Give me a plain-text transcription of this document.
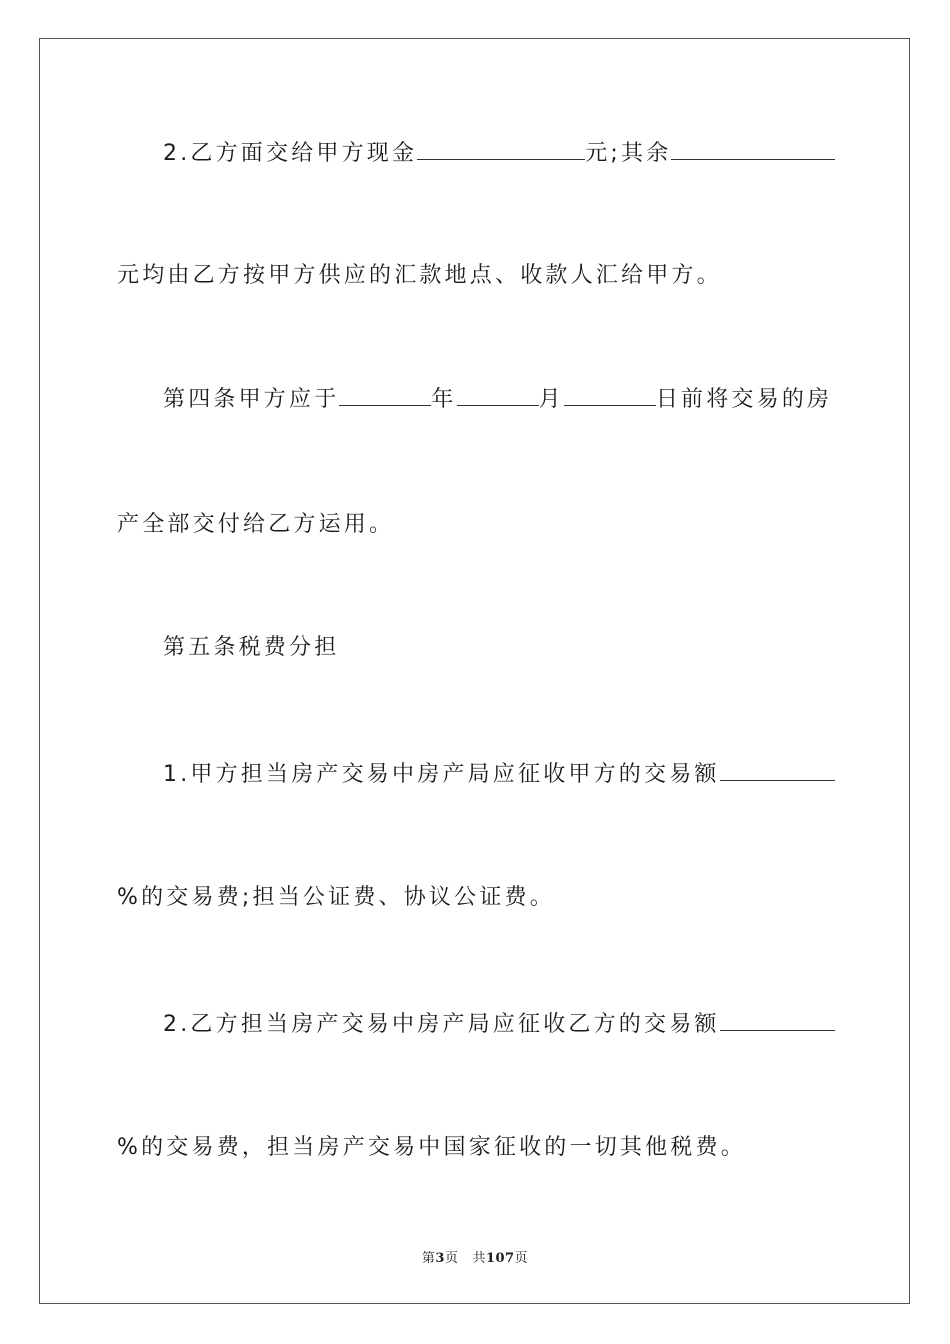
2.乙方面交给甲方现金	元;其余
元均由乙方按甲方供应的汇款地点、收款人汇给甲方。
第四条甲方应于	年	月	日前将交易的房
产全部交付给乙方运用。
第五条税费分担
1.甲方担当房产交易中房产局应征收甲方的交易额
%的交易费;担当公证费、协议公证费。
2.乙方担当房产交易中房产局应征收乙方的交易额
%的交易费，担当房产交易中国家征收的一切其他税费。
第3页 共107页
